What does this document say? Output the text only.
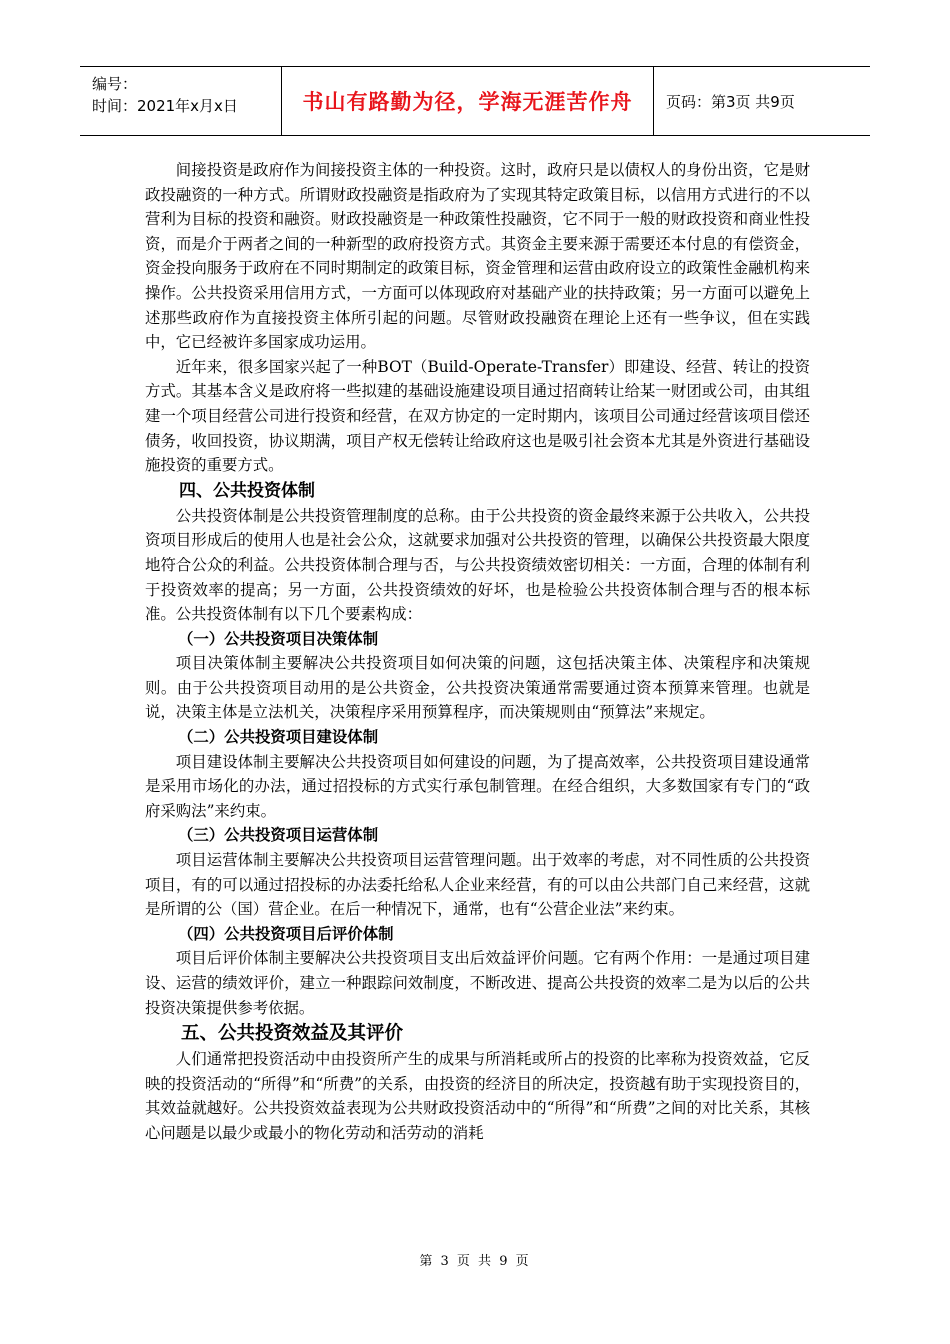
编号：
时间：2021年x月x日	书山有路勤为径，学海无涯苦作舟	页码：第3页 共9页

间接投资是政府作为间接投资主体的一种投资。这时，政府只是以债权人的身份出资，它是财政投融资的一种方式。所谓财政投融资是指政府为了实现其特定政策目标，以信用方式进行的不以营利为目标的投资和融资。财政投融资是一种政策性投融资，它不同于一般的财政投资和商业性投资，而是介于两者之间的一种新型的政府投资方式。其资金主要来源于需要还本付息的有偿资金，资金投向服务于政府在不同时期制定的政策目标，资金管理和运营由政府设立的政策性金融机构来操作。公共投资采用信用方式，一方面可以体现政府对基础产业的扶持政策；另一方面可以避免上述那些政府作为直接投资主体所引起的问题。尽管财政投融资在理论上还有一些争议，但在实践中，它已经被许多国家成功运用。

近年来，很多国家兴起了一种BOT（Build-Operate-Transfer）即建设、经营、转让的投资方式。其基本含义是政府将一些拟建的基础设施建设项目通过招商转让给某一财团或公司，由其组建一个项目经营公司进行投资和经营，在双方协定的一定时期内，该项目公司通过经营该项目偿还债务，收回投资，协议期满，项目产权无偿转让给政府这也是吸引社会资本尤其是外资进行基础设施投资的重要方式。

四、公共投资体制

公共投资体制是公共投资管理制度的总称。由于公共投资的资金最终来源于公共收入，公共投资项目形成后的使用人也是社会公众，这就要求加强对公共投资的管理，以确保公共投资最大限度地符合公众的利益。公共投资体制合理与否，与公共投资绩效密切相关：一方面，合理的体制有利于投资效率的提高；另一方面，公共投资绩效的好坏，也是检验公共投资体制合理与否的根本标准。公共投资体制有以下几个要素构成：

（一）公共投资项目决策体制

项目决策体制主要解决公共投资项目如何决策的问题，这包括决策主体、决策程序和决策规则。由于公共投资项目动用的是公共资金，公共投资决策通常需要通过资本预算来管理。也就是说，决策主体是立法机关，决策程序采用预算程序，而决策规则由“预算法”来规定。

（二）公共投资项目建设体制

项目建设体制主要解决公共投资项目如何建设的问题，为了提高效率，公共投资项目建设通常是采用市场化的办法，通过招投标的方式实行承包制管理。在经合组织，大多数国家有专门的“政府采购法”来约束。

（三）公共投资项目运营体制

项目运营体制主要解决公共投资项目运营管理问题。出于效率的考虑，对不同性质的公共投资项目，有的可以通过招投标的办法委托给私人企业来经营，有的可以由公共部门自己来经营，这就是所谓的公（国）营企业。在后一种情况下，通常，也有“公营企业法”来约束。

（四）公共投资项目后评价体制

项目后评价体制主要解决公共投资项目支出后效益评价问题。它有两个作用：一是通过项目建设、运营的绩效评价，建立一种跟踪问效制度，不断改进、提高公共投资的效率二是为以后的公共投资决策提供参考依据。

五、公共投资效益及其评价

人们通常把投资活动中由投资所产生的成果与所消耗或所占的投资的比率称为投资效益，它反映的投资活动的“所得”和“所费”的关系，由投资的经济目的所决定，投资越有助于实现投资目的，其效益就越好。公共投资效益表现为公共财政投资活动中的“所得”和“所费”之间的对比关系，其核心问题是以最少或最小的物化劳动和活劳动的消耗

第 3 页 共 9 页
